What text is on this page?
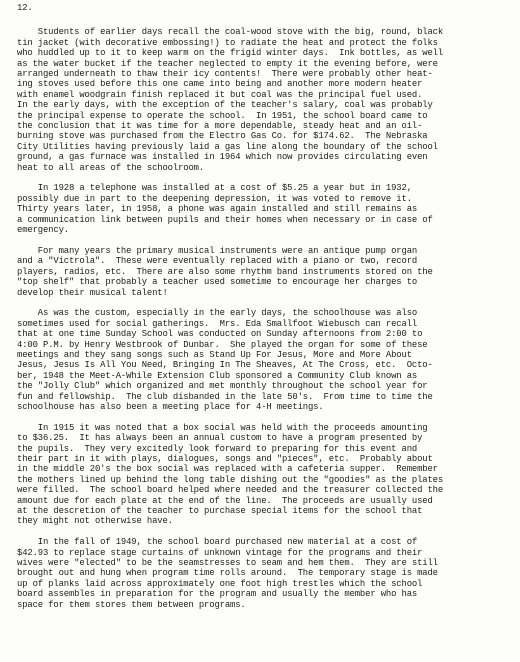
12.
Students of earlier days recall the coal-wood stove with the big, round, black
tin jacket (with decorative embossing!) to radiate the heat and protect the folks
who huddled up to it to keep warm on the frigid winter days.  Ink bottles, as well
as the water bucket if the teacher neglected to empty it the evening before, were
arranged underneath to thaw their icy contents!  There were probably other heat-
ing stoves used before this one came into being and another more modern heater
with enamel woodgrain finish replaced it but coal was the principal fuel used.
In the early days, with the exception of the teacher's salary, coal was probably
the principal expense to operate the school.  In 1951, the school board came to
the conclusion that it was time for a more dependable, steady heat and an oil-
burning stove was purchased from the Electro Gas Co. for $174.62.  The Nebraska
City Utilities having previously laid a gas line along the boundary of the school
ground, a gas furnace was installed in 1964 which now provides circulating even
heat to all areas of the schoolroom.
In 1928 a telephone was installed at a cost of $5.25 a year but in 1932,
possibly due in part to the deepening depression, it was voted to remove it.
Thirty years later, in 1958, a phone was again installed and still remains as
a communication link between pupils and their homes when necessary or in case of
emergency.
For many years the primary musical instruments were an antique pump organ
and a "Victrola".  These were eventually replaced with a piano or two, record
players, radios, etc.  There are also some rhythm band instruments stored on the
"top shelf" that probably a teacher used sometime to encourage her charges to
develop their musical talent!
As was the custom, especially in the early days, the schoolhouse was also
sometimes used for social gatherings.  Mrs. Eda Smallfoot Wiebusch can recall
that at one time Sunday School was conducted on Sunday afternoons from 2:00 to
4:00 P.M. by Henry Westbrook of Dunbar.  She played the organ for some of these
meetings and they sang songs such as Stand Up For Jesus, More and More About
Jesus, Jesus Is All You Need, Bringing In The Sheaves, At The Cross, etc.  Octo-
ber, 1948 the Meet-A-While Extension Club sponsored a Community Club known as
the "Jolly Club" which organized and met monthly throughout the school year for
fun and fellowship.  The club disbanded in the late 50's.  From time to time the
schoolhouse has also been a meeting place for 4-H meetings.
In 1915 it was noted that a box social was held with the proceeds amounting
to $36.25.  It has always been an annual custom to have a program presented by
the pupils.  They very excitedly look forward to preparing for this event and
their part in it with plays, dialogues, songs and "pieces", etc.  Probably about
in the middle 20's the box social was replaced with a cafeteria supper.  Remember
the mothers lined up behind the long table dishing out the "goodies" as the plates
were filled.  The school board helped where needed and the treasurer collected the
amount due for each plate at the end of the line.  The proceeds are usually used
at the descretion of the teacher to purchase special items for the school that
they might not otherwise have.
In the fall of 1949, the school board purchased new material at a cost of
$42.93 to replace stage curtains of unknown vintage for the programs and their
wives were "elected" to be the seamstresses to seam and hem them.  They are still
brought out and hung when program time rolls around.  The temporary stage is made
up of planks laid across approximately one foot high trestles which the school
board assembles in preparation for the program and usually the member who has
space for them stores them between programs.
